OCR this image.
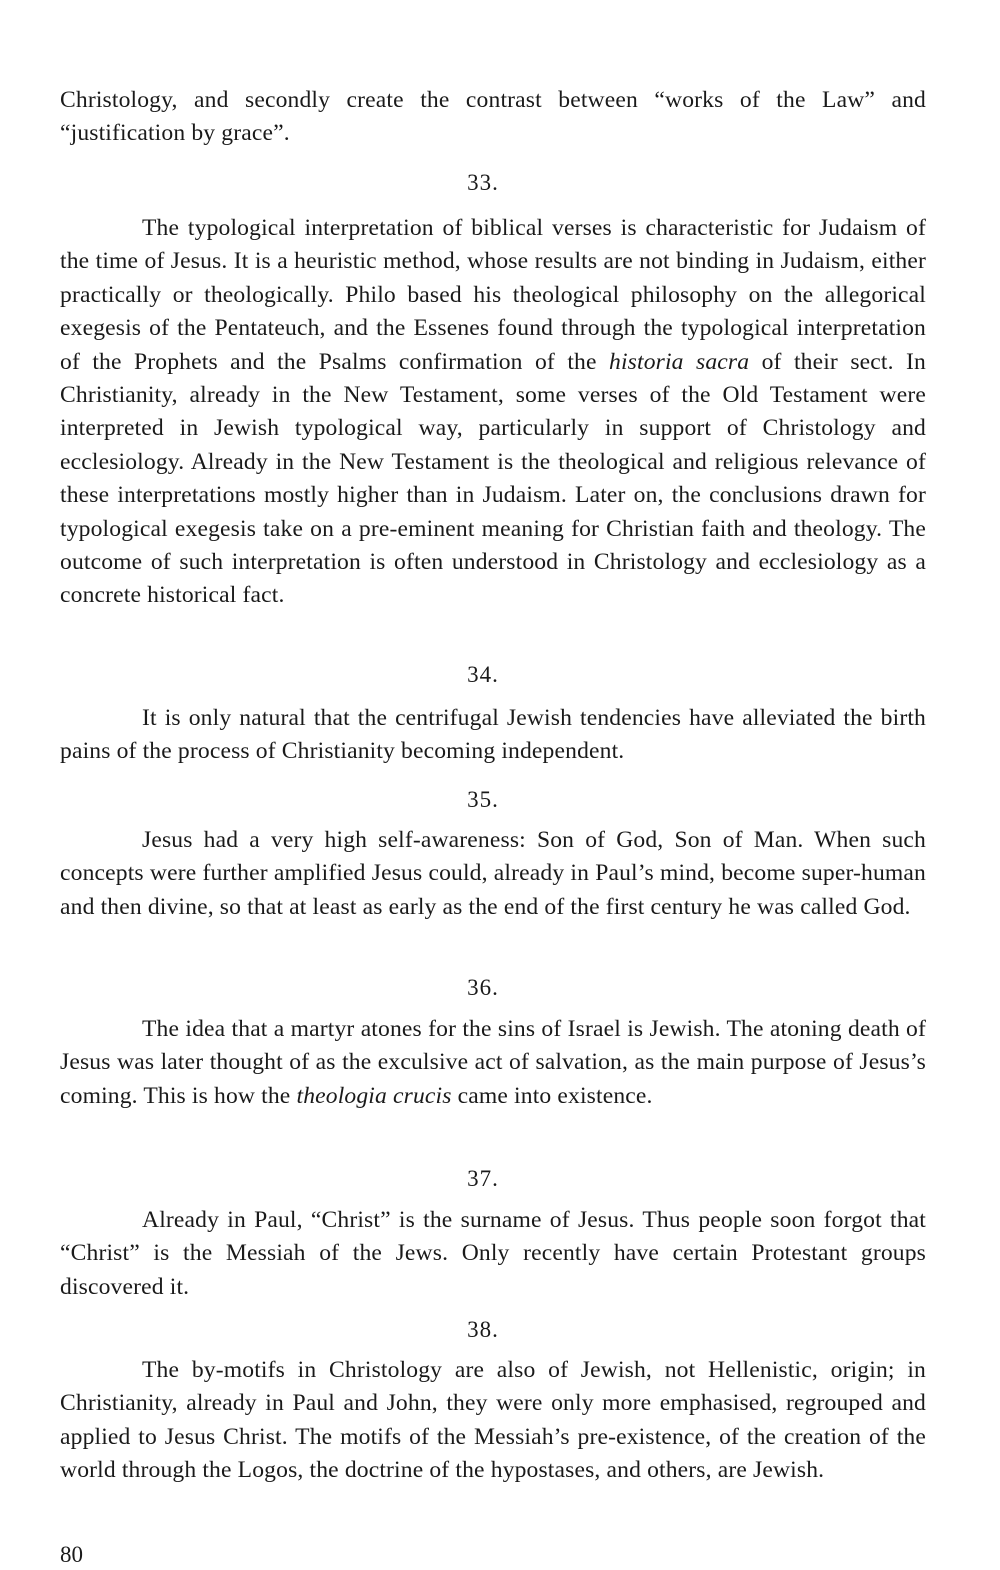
Christology, and secondly create the contrast between “works of the Law” and “justification by grace”.

33.

The typological interpretation of biblical verses is characteristic for Judaism of the time of Jesus. It is a heuristic method, whose results are not binding in Judaism, either practically or theologically. Philo based his theological philosophy on the allegorical exegesis of the Pentateuch, and the Essenes found through the typological interpretation of the Prophets and the Psalms confirmation of the historia sacra of their sect. In Christianity, already in the New Testament, some verses of the Old Testament were interpreted in Jewish typological way, particularly in support of Christology and ecclesiology. Already in the New Testament is the theological and religious relevance of these interpretations mostly higher than in Judaism. Later on, the conclusions drawn for typological exegesis take on a pre-eminent meaning for Christian faith and theology. The outcome of such interpretation is often understood in Christology and ecclesiology as a concrete historical fact.

34.

It is only natural that the centrifugal Jewish tendencies have alleviated the birth pains of the process of Christianity becoming independent.

35.

Jesus had a very high self-awareness: Son of God, Son of Man. When such concepts were further amplified Jesus could, already in Paul’s mind, become super-human and then divine, so that at least as early as the end of the first century he was called God.

36.

The idea that a martyr atones for the sins of Israel is Jewish. The atoning death of Jesus was later thought of as the exculsive act of salvation, as the main purpose of Jesus’s coming. This is how the theologia crucis came into existence.

37.

Already in Paul, “Christ” is the surname of Jesus. Thus people soon forgot that “Christ” is the Messiah of the Jews. Only recently have certain Protestant groups discovered it.

38.

The by-motifs in Christology are also of Jewish, not Hellenistic, origin; in Christianity, already in Paul and John, they were only more emphasised, regrouped and applied to Jesus Christ. The motifs of the Messiah’s pre-existence, of the creation of the world through the Logos, the doctrine of the hypostases, and others, are Jewish.

80
